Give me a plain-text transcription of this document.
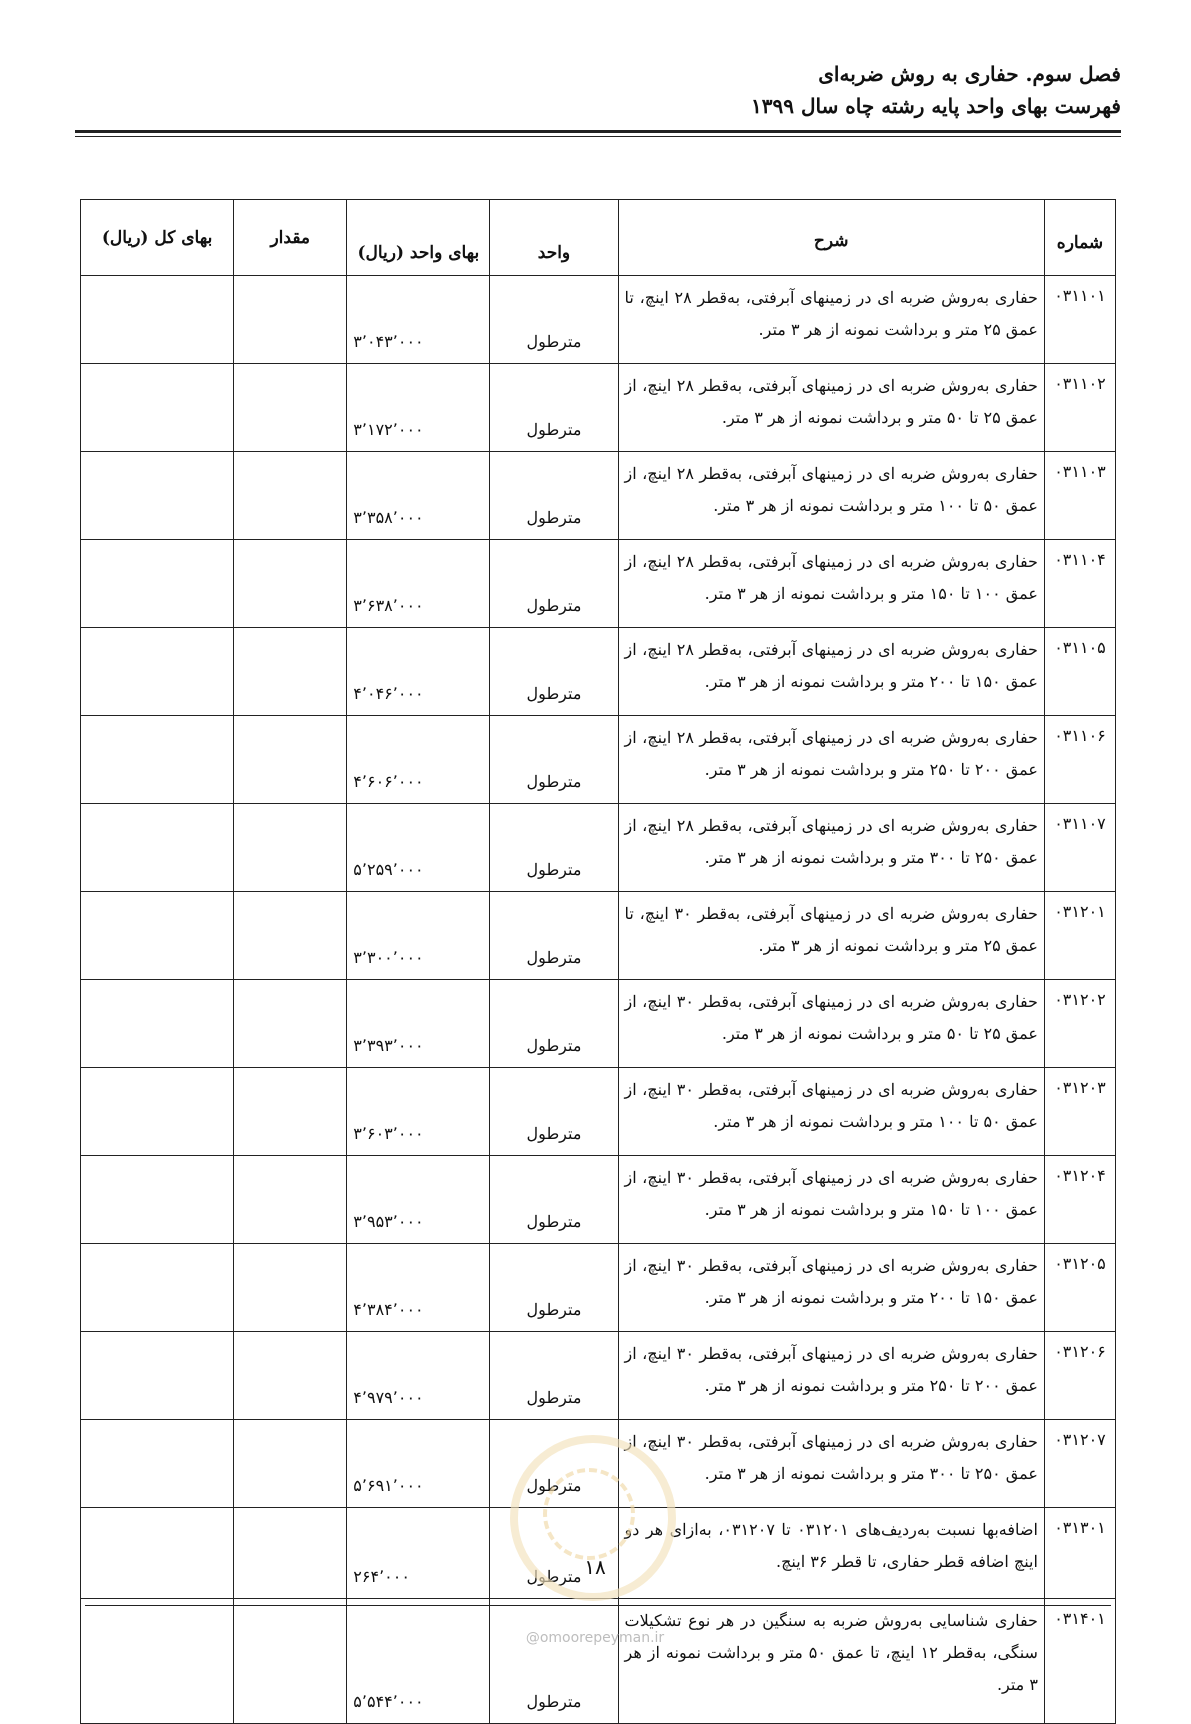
فصل سوم. حفاری به روش ضربه‌ای
فهرست بهای واحد پایه رشته چاه سال ۱۳۹۹
شماره	شرح	واحد	بهای واحد (ریال)	مقدار	بهای کل (ریال)
۰۳۱۱۰۱	حفاری به‌روش ضربه ای در زمینهای آبرفتی، به‌قطر ۲۸ اینچ، تا عمق ۲۵ متر و برداشت نمونه از هر ۳ متر.	مترطول	۳٬۰۴۳٬۰۰۰		
۰۳۱۱۰۲	حفاری به‌روش ضربه ای در زمینهای آبرفتی، به‌قطر ۲۸ اینچ، از عمق ۲۵ تا ۵۰ متر و برداشت نمونه از هر ۳ متر.	مترطول	۳٬۱۷۲٬۰۰۰		
۰۳۱۱۰۳	حفاری به‌روش ضربه ای در زمینهای آبرفتی، به‌قطر ۲۸ اینچ، از عمق ۵۰ تا ۱۰۰ متر و برداشت نمونه از هر ۳ متر.	مترطول	۳٬۳۵۸٬۰۰۰		
۰۳۱۱۰۴	حفاری به‌روش ضربه ای در زمینهای آبرفتی، به‌قطر ۲۸ اینچ، از عمق ۱۰۰ تا ۱۵۰ متر و برداشت نمونه از هر ۳ متر.	مترطول	۳٬۶۳۸٬۰۰۰		
۰۳۱۱۰۵	حفاری به‌روش ضربه ای در زمینهای آبرفتی، به‌قطر ۲۸ اینچ، از عمق ۱۵۰ تا ۲۰۰ متر و برداشت نمونه از هر ۳ متر.	مترطول	۴٬۰۴۶٬۰۰۰		
۰۳۱۱۰۶	حفاری به‌روش ضربه ای در زمینهای آبرفتی، به‌قطر ۲۸ اینچ، از عمق ۲۰۰ تا ۲۵۰ متر و برداشت نمونه از هر ۳ متر.	مترطول	۴٬۶۰۶٬۰۰۰		
۰۳۱۱۰۷	حفاری به‌روش ضربه ای در زمینهای آبرفتی، به‌قطر ۲۸ اینچ، از عمق ۲۵۰ تا ۳۰۰ متر و برداشت نمونه از هر ۳ متر.	مترطول	۵٬۲۵۹٬۰۰۰		
۰۳۱۲۰۱	حفاری به‌روش ضربه ای در زمینهای آبرفتی، به‌قطر ۳۰ اینچ، تا عمق ۲۵ متر و برداشت نمونه از هر ۳ متر.	مترطول	۳٬۳۰۰٬۰۰۰		
۰۳۱۲۰۲	حفاری به‌روش ضربه ای در زمینهای آبرفتی، به‌قطر ۳۰ اینچ، از عمق ۲۵ تا ۵۰ متر و برداشت نمونه از هر ۳ متر.	مترطول	۳٬۳۹۳٬۰۰۰		
۰۳۱۲۰۳	حفاری به‌روش ضربه ای در زمینهای آبرفتی، به‌قطر ۳۰ اینچ، از عمق ۵۰ تا ۱۰۰ متر و برداشت نمونه از هر ۳ متر.	مترطول	۳٬۶۰۳٬۰۰۰		
۰۳۱۲۰۴	حفاری به‌روش ضربه ای در زمینهای آبرفتی، به‌قطر ۳۰ اینچ، از عمق ۱۰۰ تا ۱۵۰ متر و برداشت نمونه از هر ۳ متر.	مترطول	۳٬۹۵۳٬۰۰۰		
۰۳۱۲۰۵	حفاری به‌روش ضربه ای در زمینهای آبرفتی، به‌قطر ۳۰ اینچ، از عمق ۱۵۰ تا ۲۰۰ متر و برداشت نمونه از هر ۳ متر.	مترطول	۴٬۳۸۴٬۰۰۰		
۰۳۱۲۰۶	حفاری به‌روش ضربه ای در زمینهای آبرفتی، به‌قطر ۳۰ اینچ، از عمق ۲۰۰ تا ۲۵۰ متر و برداشت نمونه از هر ۳ متر.	مترطول	۴٬۹۷۹٬۰۰۰		
۰۳۱۲۰۷	حفاری به‌روش ضربه ای در زمینهای آبرفتی، به‌قطر ۳۰ اینچ، از عمق ۲۵۰ تا ۳۰۰ متر و برداشت نمونه از هر ۳ متر.	مترطول	۵٬۶۹۱٬۰۰۰		
۰۳۱۳۰۱	اضافه‌بها نسبت به‌ردیف‌های ۰۳۱۲۰۱ تا ۰۳۱۲۰۷، به‌ازای هر دو اینچ اضافه قطر حفاری، تا قطر ۳۶ اینچ.	مترطول	۲۶۴٬۰۰۰		
۰۳۱۴۰۱	حفاری شناسایی به‌روش ضربه به سنگین در هر نوع تشکیلات سنگی، به‌قطر ۱۲ اینچ، تا عمق ۵۰ متر و برداشت نمونه از هر ۳ متر.	مترطول	۵٬۵۴۴٬۰۰۰		
۱۸
@omoorepeyman.ir
